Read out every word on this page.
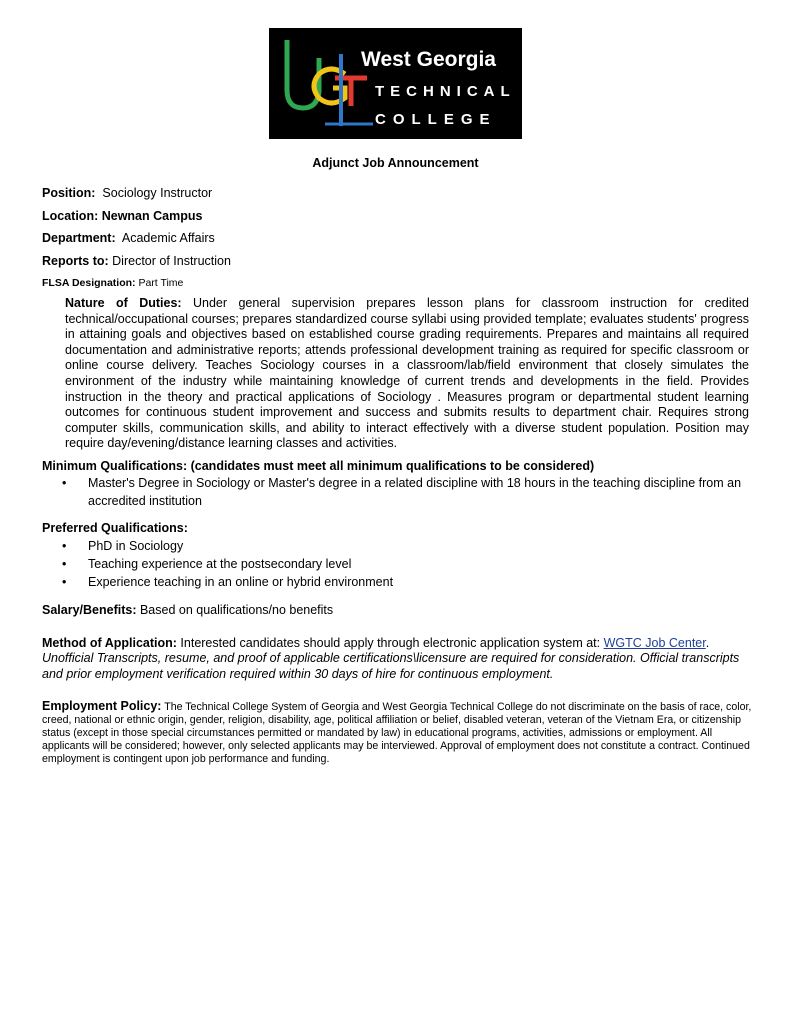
West Georgia
TECHNICAL
COLLEGE
Adjunct Job Announcement
Position: Sociology Instructor
Location: Newnan Campus
Department: Academic Affairs
Reports to: Director of Instruction
FLSA Designation: Part Time
Nature of Duties: Under general supervision prepares lesson plans for classroom instruction for credited technical/occupational courses; prepares standardized course syllabi using provided template; evaluates students' progress in attaining goals and objectives based on established course grading requirements. Prepares and maintains all required documentation and administrative reports; attends professional development training as required for specific classroom or online course delivery. Teaches Sociology courses in a classroom/lab/field environment that closely simulates the environment of the industry while maintaining knowledge of current trends and developments in the field. Provides instruction in the theory and practical applications of Sociology . Measures program or departmental student learning outcomes for continuous student improvement and success and submits results to department chair. Requires strong computer skills, communication skills, and ability to interact effectively with a diverse student population. Position may require day/evening/distance learning classes and activities.
Minimum Qualifications: (candidates must meet all minimum qualifications to be considered)
• Master's Degree in Sociology or Master's degree in a related discipline with 18 hours in the teaching discipline from an accredited institution
Preferred Qualifications:
• PhD in Sociology
• Teaching experience at the postsecondary level
• Experience teaching in an online or hybrid environment
Salary/Benefits: Based on qualifications/no benefits
Method of Application: Interested candidates should apply through electronic application system at: WGTC Job Center.
Unofficial Transcripts, resume, and proof of applicable certifications\licensure are required for consideration. Official transcripts and prior employment verification required within 30 days of hire for continuous employment.
Employment Policy: The Technical College System of Georgia and West Georgia Technical College do not discriminate on the basis of race, color, creed, national or ethnic origin, gender, religion, disability, age, political affiliation or belief, disabled veteran, veteran of the Vietnam Era, or citizenship status (except in those special circumstances permitted or mandated by law) in educational programs, activities, admissions or employment. All applicants will be considered; however, only selected applicants may be interviewed. Approval of employment does not constitute a contract. Continued employment is contingent upon job performance and funding.
